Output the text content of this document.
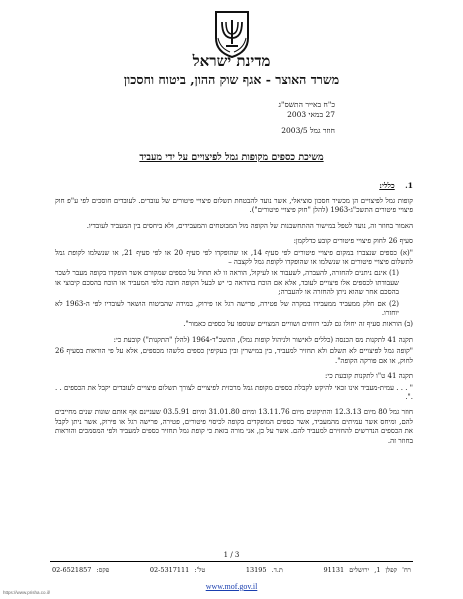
מדינת ישראל
משרד האוצר - אגף שוק ההון, ביטוח וחסכון
כ"ח באייר התשס"ג
27 במאי 2003
חוזר גמל 2003/5
משיכת כספים מקופות גמל לפיצויים על ידי מעביד
1.    כללי:

קופות גמל לפיצויים הן מכשיר חסכון סוציאלי, אשר נועד להבטחת תשלום פיצויי פיטורים של עובדים. לעובדים חוסכים לפי ע"פ חוק פיצויי פיטורים התשכ"ג-1963 (להלן "חוק פיצויי פיטורים").

האמור בחוזר זה, נועד לטפל במישור ההתחשבנות של הקופה מול המבוטחים והמעבידים, ולא ביחסים בין המעביד לעובדיו.

סעיף 26 לחוק פיצויי פיטורים קובע כדלקמן:

"(א) כספים שנצברו במקום פיצויי פיטורים לפי סעיף 14, או שהופקדו לפי סעיף 20 או לפי סעיף 21, או שנשלמו לקופת גמל לתשלום פיצויי פיטורים או שנשלמו או שהופקדו לקופת גמל לקצבה –

(1) אינם ניתנים להחזרה, להעברה, לשעבוד או לעיקול, הוראה זו לא תחול על כספים שמקורם אשר הופקדו בקופה מעבר לשכר שעבודתו לכספים אלו פיצויים לעובד, אלא אם הוכח בהוראה כי יש לבעל הקופה חובה כלפי המעביד או הוכח בהסכם קיבוצי או בהסכם אחר שהוא ניתן להחזרה או להעברה;

(2) אם חלק ממעביד ממעבידו במקרה של פטירה, פרישה רגל או פירוק, במידה שהביטוח הושאר לעובדיו לפי ה-1963 לא יוחזרו.

(ב) הוראות סעיף זה יחולו גם לגבי רווחים ושוויים המצויים שנוספו על כספים כאמור".

תקנה 41 לתקנות מס הכנסה (כללים לאישור ולניהול קופות גמל), התשכ"ד-1964 (להלן "התקנות") קובעת כי:

"קופה גמל לפיצויים לא תשלם ולא תחזיר למעביד, בין במישרין ובין בעקיפין כספים כלשהו מכספים, אלא על פי הוראות בסעיף 26 לחוק, או אם פורקה הקופה".

תקנה 41 ט"ו לתקנות קובעת כי:

" . . . עמית-מעביד אינו זכאי להיקש לקבלת כספים מקופת גמל מרכזית לפיצויים לצורך תשלום פיצויים לעובדים יקבל את הכספים . . .".

חוזר גמל 80 מיום 12.3.13 והתיקונים מיום 13.11.76 ומיום 31.01.80 ומיום 03.5.91 שעניינם אף אותם שונות שנים מחייבים להם, ומיחס אשר עמיתים מהמעביד, אשר כספים המופקדים בקופה לכיסוי פיטורים, פטירה, פרישה רגל או פירוק, אשר ניתן לקבל את הכספים הנדרשים להחזירם למעביד להם. אשר על כן, אני מורה בזאת כי קופת גמל תחזיר כספים למעביד ולפי המסמכים והוראות בחוזר זה.

1 / 3
רח' קפלן 1, ירושלים 91131
ת.ד. 13195
טל': 02-5317111
פקס: 02-6521857
www.mof.gov.il
https://www.prisha.co.il/
